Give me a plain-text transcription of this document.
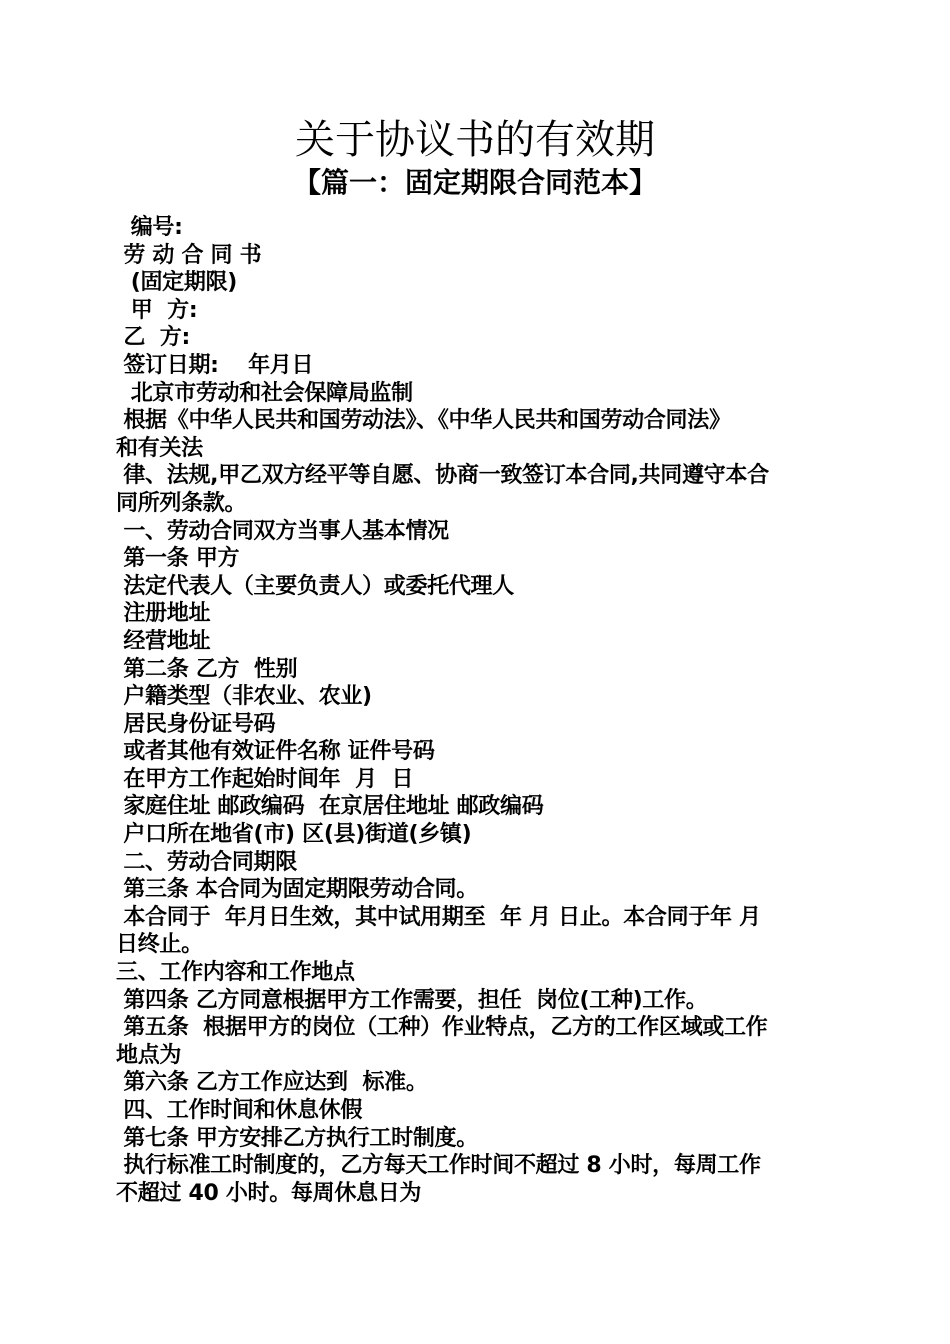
关于协议书的有效期
【篇一：固定期限合同范本】
编号:
劳 动 合 同 书
(固定期限)
甲  方:
乙  方:
签订日期:    年月日
北京市劳动和社会保障局监制
根据《中华人民共和国劳动法》、《中华人民共和国劳动合同法》
和有关法
律、法规,甲乙双方经平等自愿、协商一致签订本合同,共同遵守本合
同所列条款。
一、劳动合同双方当事人基本情况
第一条 甲方
法定代表人（主要负责人）或委托代理人
注册地址
经营地址
第二条 乙方  性别
户籍类型（非农业、农业)
居民身份证号码
或者其他有效证件名称 证件号码
在甲方工作起始时间年  月  日
家庭住址 邮政编码  在京居住地址 邮政编码
户口所在地省(市) 区(县)街道(乡镇)
二、劳动合同期限
第三条 本合同为固定期限劳动合同。
本合同于  年月日生效，其中试用期至  年 月 日止。本合同于年 月
日终止。
三、工作内容和工作地点
第四条 乙方同意根据甲方工作需要，担任  岗位(工种)工作。
第五条  根据甲方的岗位（工种）作业特点，乙方的工作区域或工作
地点为
第六条 乙方工作应达到  标准。
四、工作时间和休息休假
第七条 甲方安排乙方执行工时制度。
执行标准工时制度的，乙方每天工作时间不超过 8 小时，每周工作
不超过 40 小时。每周休息日为
